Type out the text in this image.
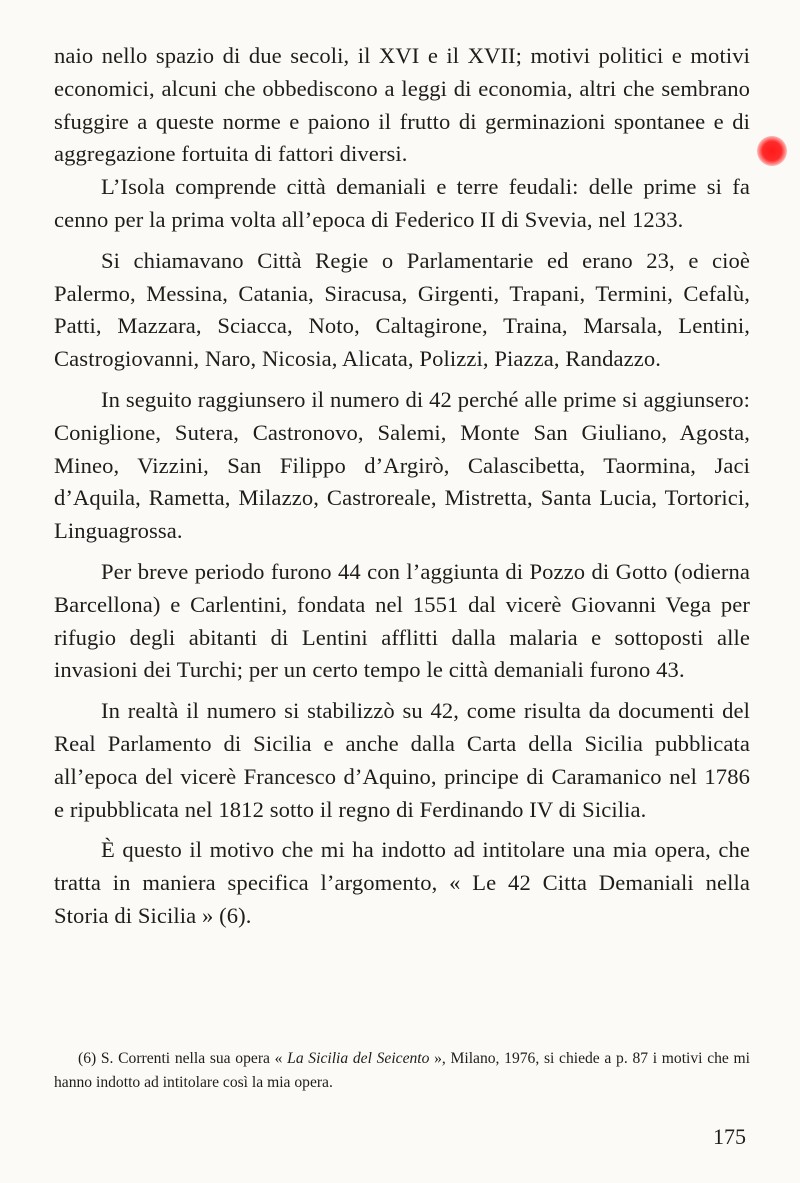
naio nello spazio di due secoli, il XVI e il XVII; motivi politici e motivi economici, alcuni che obbediscono a leggi di economia, altri che sembrano sfuggire a queste norme e paiono il frutto di germinazioni spontanee e di aggregazione fortuita di fattori diversi.

L’Isola comprende città demaniali e terre feudali: delle prime si fa cenno per la prima volta all’epoca di Federico II di Svevia, nel 1233.

Si chiamavano Città Regie o Parlamentarie ed erano 23, e cioè Palermo, Messina, Catania, Siracusa, Girgenti, Trapani, Termini, Cefalù, Patti, Mazzara, Sciacca, Noto, Caltagirone, Traina, Marsala, Lentini, Castrogiovanni, Naro, Nicosia, Alicata, Polizzi, Piazza, Randazzo.

In seguito raggiunsero il numero di 42 perché alle prime si aggiunsero: Coniglione, Sutera, Castronovo, Salemi, Monte San Giuliano, Agosta, Mineo, Vizzini, San Filippo d’Argirò, Calascibetta, Taormina, Jaci d’Aquila, Rametta, Milazzo, Castroreale, Mistretta, Santa Lucia, Tortorici, Linguagrossa.

Per breve periodo furono 44 con l’aggiunta di Pozzo di Gotto (odierna Barcellona) e Carlentini, fondata nel 1551 dal vicerè Giovanni Vega per rifugio degli abitanti di Lentini afflitti dalla malaria e sottoposti alle invasioni dei Turchi; per un certo tempo le città demaniali furono 43.

In realtà il numero si stabilizzò su 42, come risulta da documenti del Real Parlamento di Sicilia e anche dalla Carta della Sicilia pubblicata all’epoca del vicerè Francesco d’Aquino, principe di Caramanico nel 1786 e ripubblicata nel 1812 sotto il regno di Ferdinando IV di Sicilia.

È questo il motivo che mi ha indotto ad intitolare una mia opera, che tratta in maniera specifica l’argomento, « Le 42 Citta Demaniali nella Storia di Sicilia » (6).

(6) S. Correnti nella sua opera « La Sicilia del Seicento », Milano, 1976, si chiede a p. 87 i motivi che mi hanno indotto ad intitolare così la mia opera.

175
